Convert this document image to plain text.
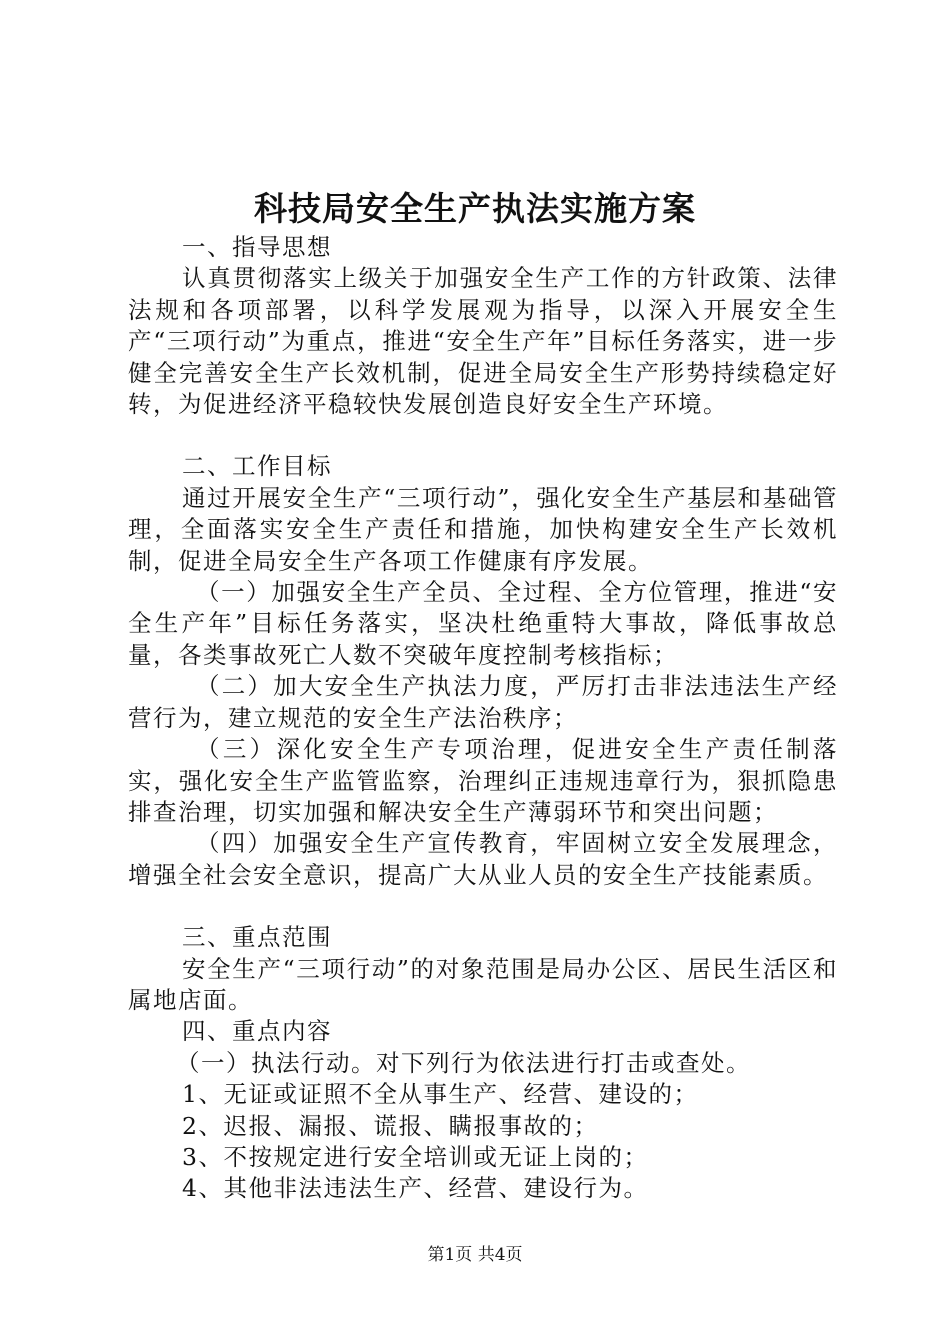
科技局安全生产执法实施方案

一、指导思想

认真贯彻落实上级关于加强安全生产工作的方针政策、法律法规和各项部署，以科学发展观为指导，以深入开展安全生产“三项行动”为重点，推进“安全生产年”目标任务落实，进一步健全完善安全生产长效机制，促进全局安全生产形势持续稳定好转，为促进经济平稳较快发展创造良好安全生产环境。

二、工作目标

通过开展安全生产“三项行动”，强化安全生产基层和基础管理，全面落实安全生产责任和措施，加快构建安全生产长效机制，促进全局安全生产各项工作健康有序发展。

（一）加强安全生产全员、全过程、全方位管理，推进“安全生产年”目标任务落实，坚决杜绝重特大事故，降低事故总量，各类事故死亡人数不突破年度控制考核指标；

（二）加大安全生产执法力度，严厉打击非法违法生产经营行为，建立规范的安全生产法治秩序；

（三）深化安全生产专项治理，促进安全生产责任制落实，强化安全生产监管监察，治理纠正违规违章行为，狠抓隐患排查治理，切实加强和解决安全生产薄弱环节和突出问题；

（四）加强安全生产宣传教育，牢固树立安全发展理念，增强全社会安全意识，提高广大从业人员的安全生产技能素质。

三、重点范围

安全生产“三项行动”的对象范围是局办公区、居民生活区和属地店面。

四、重点内容

（一）执法行动。对下列行为依法进行打击或查处。

1、无证或证照不全从事生产、经营、建设的；

2、迟报、漏报、谎报、瞒报事故的；

3、不按规定进行安全培训或无证上岗的；

4、其他非法违法生产、经营、建设行为。

第1页 共4页
